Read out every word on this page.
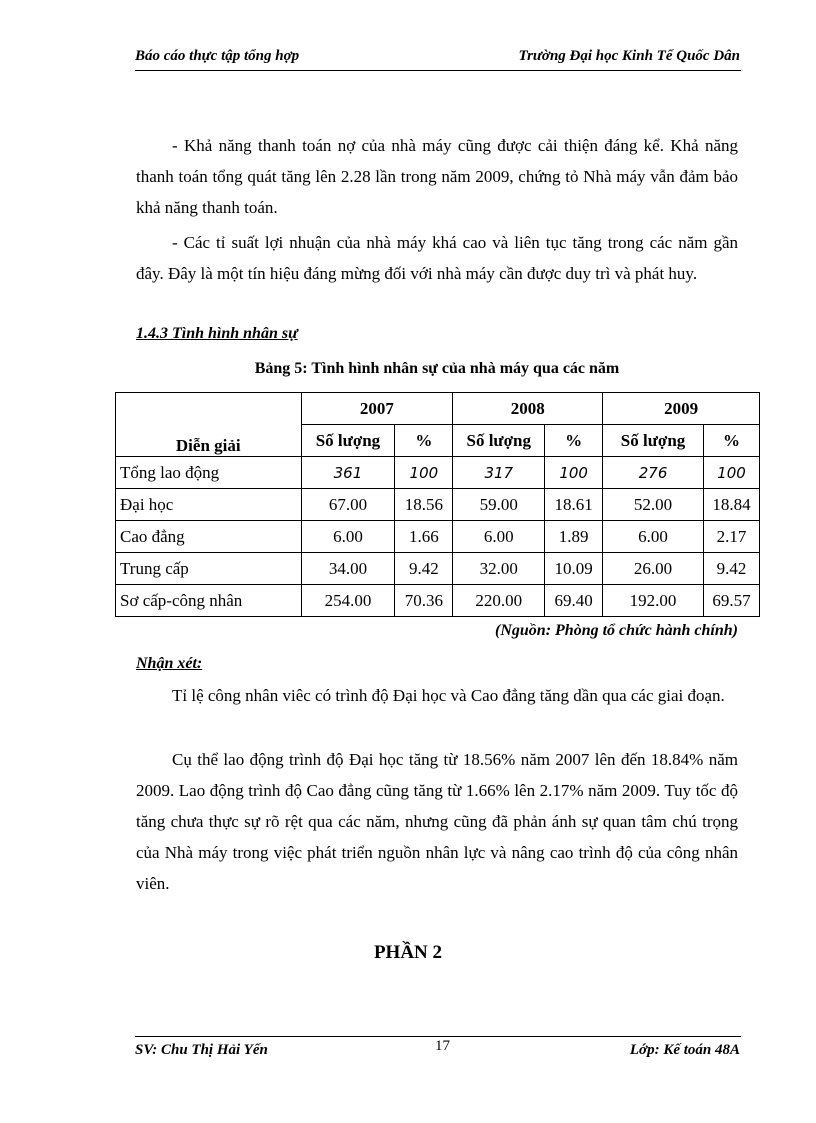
Báo cáo thực tập tổng hợp	Trường Đại học Kinh Tế Quốc Dân

- Khả năng thanh toán nợ của nhà máy cũng được cải thiện đáng kể. Khả năng thanh toán tổng quát tăng lên 2.28 lần trong năm 2009, chứng tỏ Nhà máy vẫn đảm bảo khả năng thanh toán.

- Các tỉ suất lợi nhuận của nhà máy khá cao và liên tục tăng trong các năm gần đây. Đây là một tín hiệu đáng mừng đối với nhà máy cần được duy trì và phát huy.

1.4.3 Tình hình nhân sự
Bảng 5: Tình hình nhân sự của nhà máy qua các năm
Diễn giải	2007		2008		2009	
	Số lượng	%	Số lượng	%	Số lượng	%
Tổng lao động	361	100	317	100	276	100
Đại học	67.00	18.56	59.00	18.61	52.00	18.84
Cao đẳng	6.00	1.66	6.00	1.89	6.00	2.17
Trung cấp	34.00	9.42	32.00	10.09	26.00	9.42
Sơ cấp-công nhân	254.00	70.36	220.00	69.40	192.00	69.57
(Nguồn: Phòng tổ chức hành chính)
Nhận xét:

Tỉ lệ công nhân viêc có trình độ Đại học và Cao đẳng tăng dần qua các giai đoạn.

Cụ thể lao động trình độ Đại học tăng từ 18.56% năm 2007 lên đến 18.84% năm 2009. Lao động trình độ Cao đẳng cũng tăng từ 1.66% lên 2.17% năm 2009. Tuy tốc độ tăng chưa thực sự rõ rệt qua các năm, nhưng cũng đã phản ánh sự quan tâm chú trọng của Nhà máy trong việc phát triển nguồn nhân lực và nâng cao trình độ của công nhân viên.

PHẦN 2
SV: Chu Thị Hải Yến	17	Lớp: Kế toán 48A
